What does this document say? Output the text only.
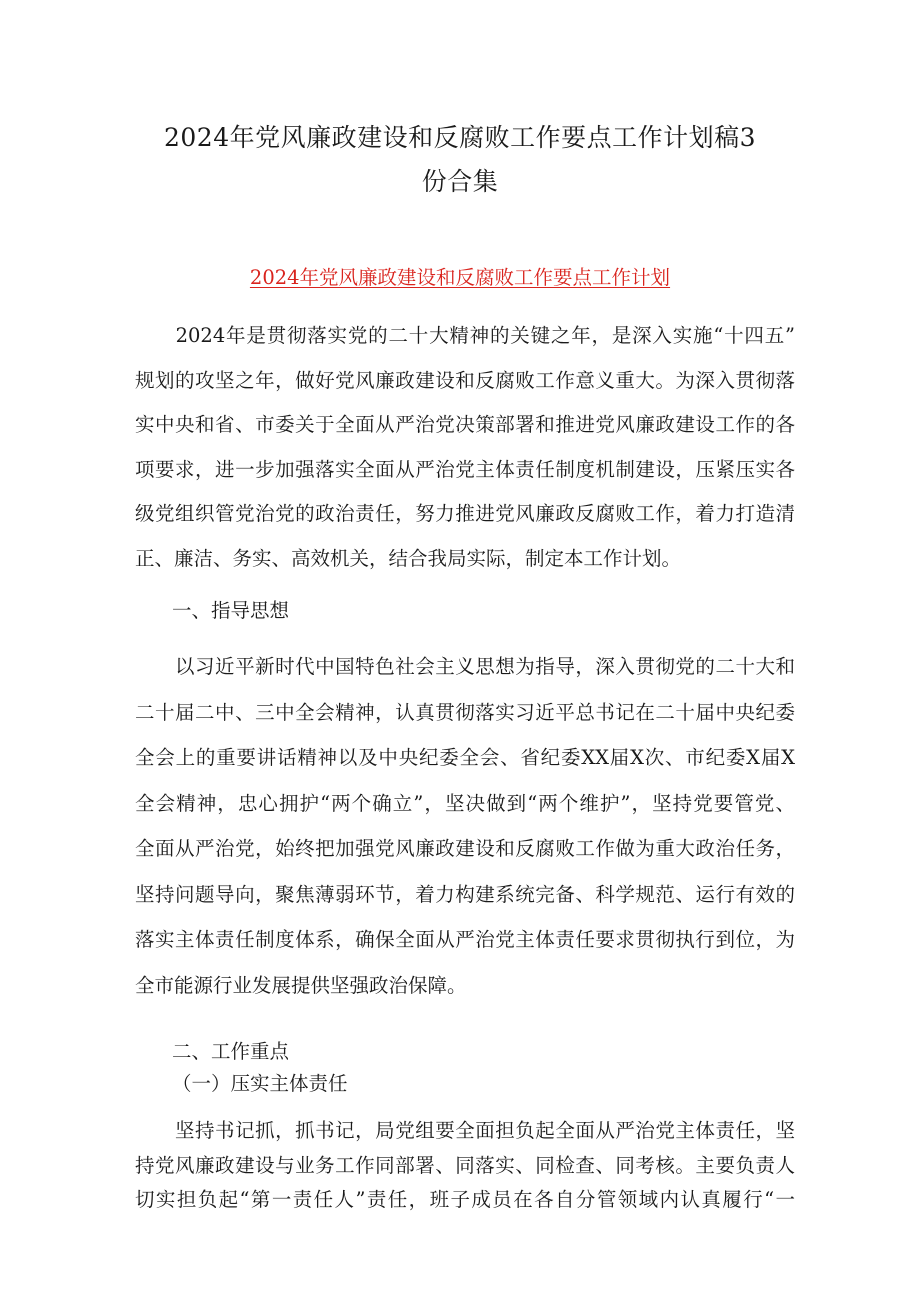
2024年党风廉政建设和反腐败工作要点工作计划稿3
份合集
2024年党风廉政建设和反腐败工作要点工作计划
　　2024年是贯彻落实党的二十大精神的关键之年，是深入实施“十四五”
规划的攻坚之年，做好党风廉政建设和反腐败工作意义重大。为深入贯彻落
实中央和省、市委关于全面从严治党决策部署和推进党风廉政建设工作的各
项要求，进一步加强落实全面从严治党主体责任制度机制建设，压紧压实各
级党组织管党治党的政治责任，努力推进党风廉政反腐败工作，着力打造清
正、廉洁、务实、高效机关，结合我局实际，制定本工作计划。
一、指导思想
　　以习近平新时代中国特色社会主义思想为指导，深入贯彻党的二十大和
二十届二中、三中全会精神，认真贯彻落实习近平总书记在二十届中央纪委
全会上的重要讲话精神以及中央纪委全会、省纪委XX届X次、市纪委X届X
全会精神，忠心拥护“两个确立”，坚决做到“两个维护”，坚持党要管党、
全面从严治党，始终把加强党风廉政建设和反腐败工作做为重大政治任务，
坚持问题导向，聚焦薄弱环节，着力构建系统完备、科学规范、运行有效的
落实主体责任制度体系，确保全面从严治党主体责任要求贯彻执行到位，为
全市能源行业发展提供坚强政治保障。
二、工作重点
（一）压实主体责任
　　坚持书记抓，抓书记，局党组要全面担负起全面从严治党主体责任，坚
持党风廉政建设与业务工作同部署、同落实、同检查、同考核。主要负责人
切实担负起“第一责任人”责任，班子成员在各自分管领域内认真履行“一
